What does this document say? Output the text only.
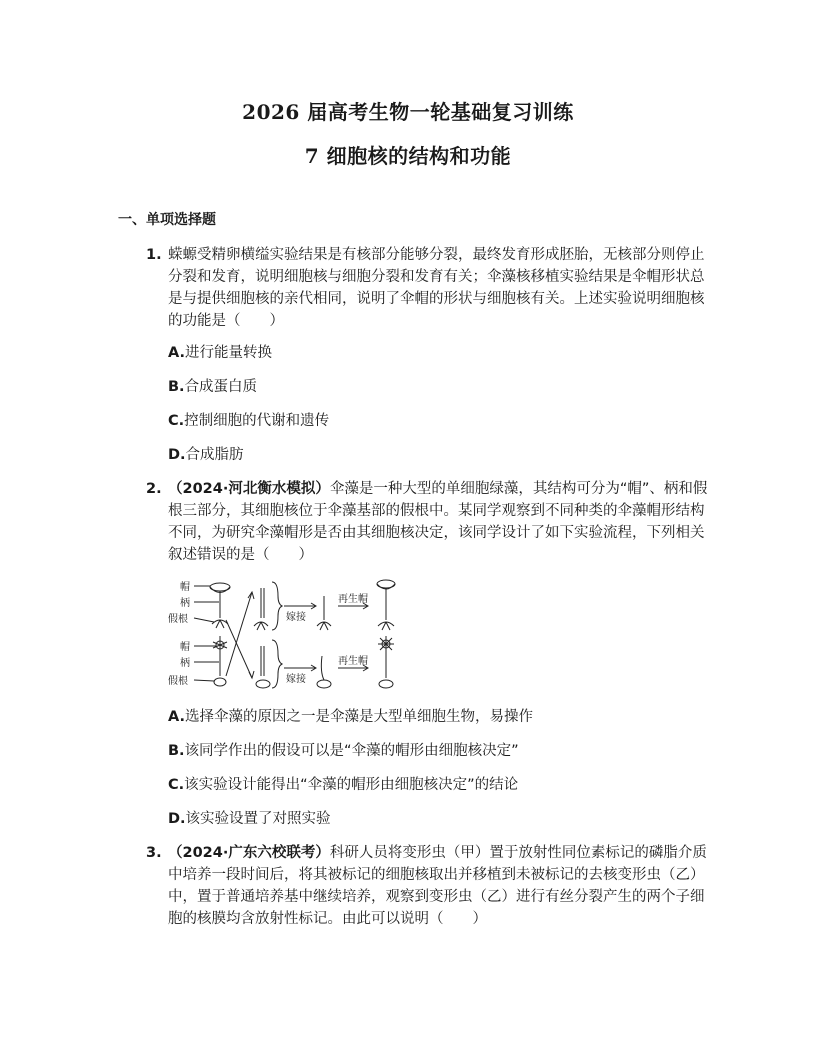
2026 届高考生物一轮基础复习训练
7 细胞核的结构和功能
一、单项选择题
1. 蝾螈受精卵横缢实验结果是有核部分能够分裂，最终发育形成胚胎，无核部分则停止分裂和发育，说明细胞核与细胞分裂和发育有关；伞藻核移植实验结果是伞帽形状总是与提供细胞核的亲代相同，说明了伞帽的形状与细胞核有关。上述实验说明细胞核的功能是（　　）
A.进行能量转换
B.合成蛋白质
C.控制细胞的代谢和遗传
D.合成脂肪
2. （2024·河北衡水模拟）伞藻是一种大型的单细胞绿藻，其结构可分为“帽”、柄和假根三部分，其细胞核位于伞藻基部的假根中。某同学观察到不同种类的伞藻帽形结构不同，为研究伞藻帽形是否由其细胞核决定，该同学设计了如下实验流程，下列相关叙述错误的是（　　）
帽
柄
假根
帽
柄
假根
嫁接
再生帽
嫁接
再生帽
A.选择伞藻的原因之一是伞藻是大型单细胞生物，易操作
B.该同学作出的假设可以是“伞藻的帽形由细胞核决定”
C.该实验设计能得出“伞藻的帽形由细胞核决定”的结论
D.该实验设置了对照实验
3. （2024·广东六校联考）科研人员将变形虫（甲）置于放射性同位素标记的磷脂介质中培养一段时间后，将其被标记的细胞核取出并移植到未被标记的去核变形虫（乙）中，置于普通培养基中继续培养，观察到变形虫（乙）进行有丝分裂产生的两个子细胞的核膜均含放射性标记。由此可以说明（　　）
